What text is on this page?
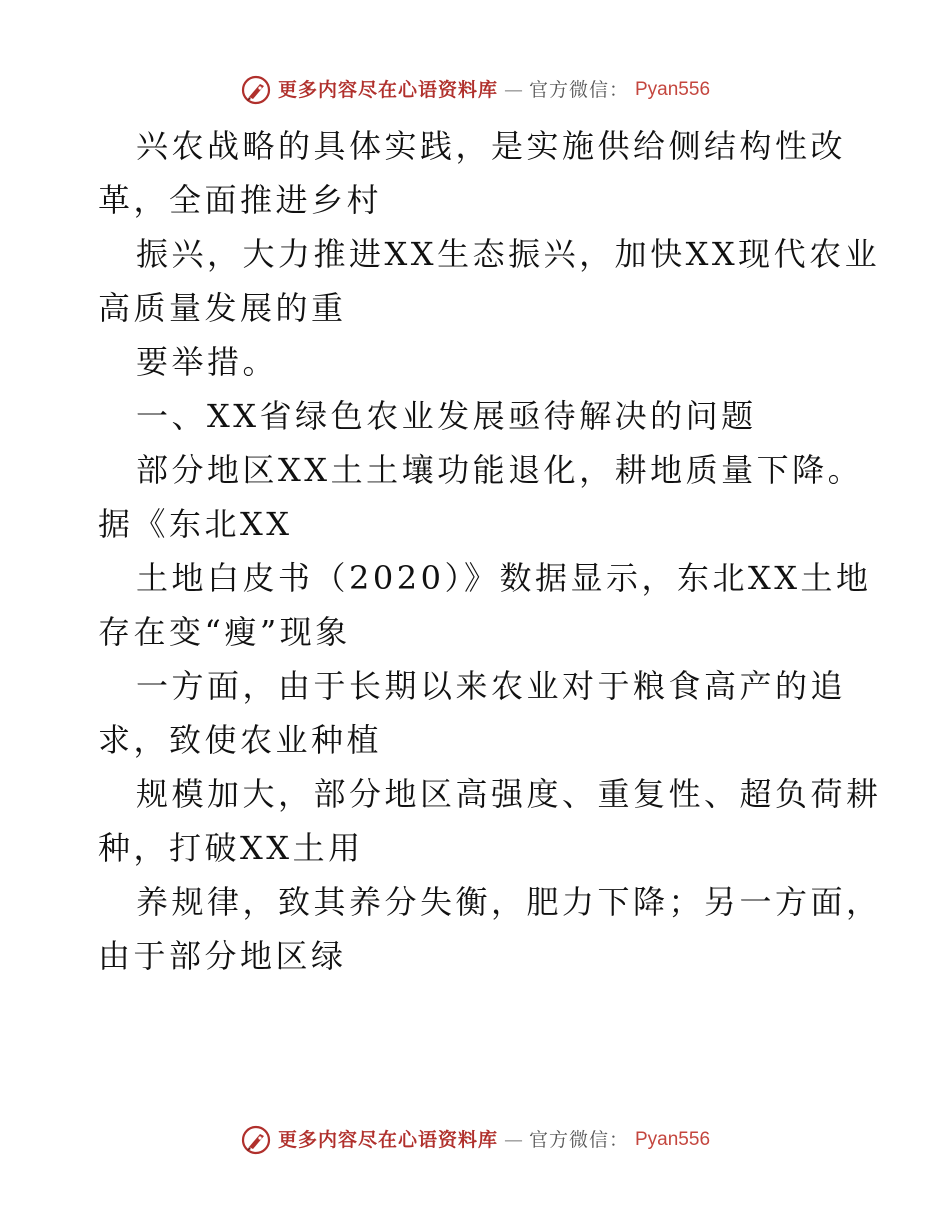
更多内容尽在心语资料库 — 官方微信： Pyan556
兴农战略的具体实践，是实施供给侧结构性改
革，全面推进乡村
振兴，大力推进XX生态振兴，加快XX现代农业
高质量发展的重
要举措。
一、XX省绿色农业发展亟待解决的问题
部分地区XX土土壤功能退化，耕地质量下降。
据《东北XX
土地白皮书（2020）》数据显示，东北XX土地
存在变“瘦”现象
一方面，由于长期以来农业对于粮食高产的追
求，致使农业种植
规模加大，部分地区高强度、重复性、超负荷耕
种，打破XX土用
养规律，致其养分失衡，肥力下降；另一方面，
由于部分地区绿
更多内容尽在心语资料库 — 官方微信： Pyan556
